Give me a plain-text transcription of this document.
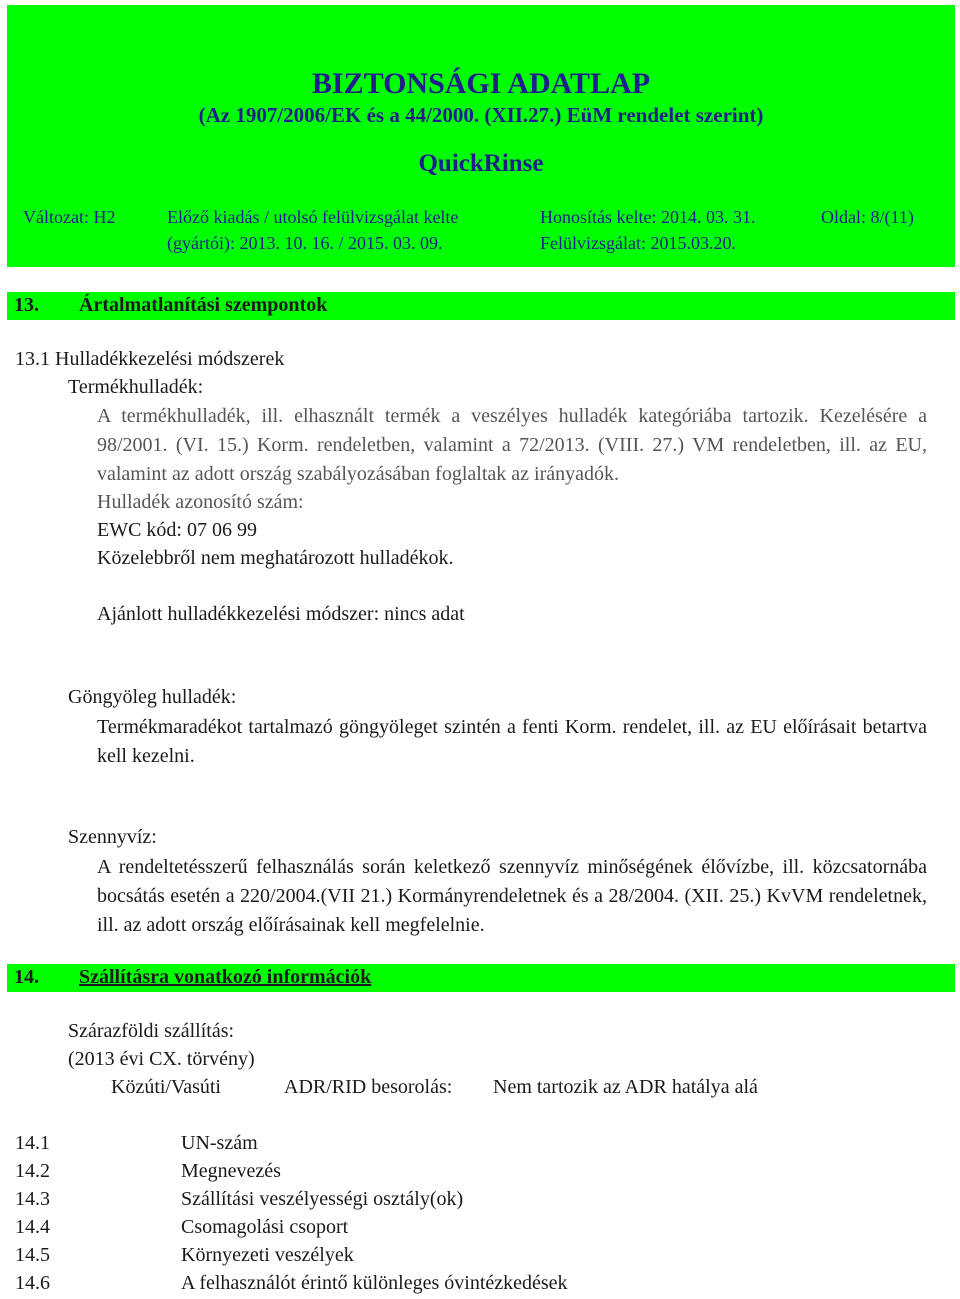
BIZTONSÁGI ADATLAP
(Az 1907/2006/EK és a 44/2000. (XII.27.) EüM rendelet szerint)
QuickRinse
Változat: H2	Előző kiadás / utolsó felülvizsgálat kelte
(gyártói): 2013. 10. 16. / 2015. 03. 09.
Honosítás kelte: 2014. 03. 31.
Felülvizsgálat: 2015.03.20.
Oldal: 8/(11)
13. Ártalmatlanítási szempontok
13.1 Hulladékkezelési módszerek
Termékhulladék:
A termékhulladék, ill. elhasznált termék a veszélyes hulladék kategóriába tartozik. Kezelésére a 98/2001. (VI. 15.) Korm. rendeletben, valamint a 72/2013. (VIII. 27.) VM rendeletben, ill. az EU, valamint az adott ország szabályozásában foglaltak az irányadók.
Hulladék azonosító szám:
EWC kód: 07 06 99
Közelebbről nem meghatározott hulladékok.
Ajánlott hulladékkezelési módszer: nincs adat
Göngyöleg hulladék:
Termékmaradékot tartalmazó göngyöleget szintén a fenti Korm. rendelet, ill. az EU előírásait betartva kell kezelni.
Szennyvíz:
A rendeltetésszerű felhasználás során keletkező szennyvíz minőségének élővízbe, ill. közcsatornába bocsátás esetén a 220/2004.(VII 21.) Kormányrendeletnek és a 28/2004. (XII. 25.) KvVM rendeletnek, ill. az adott ország előírásainak kell megfelelnie.
14. Szállításra vonatkozó információk
Szárazföldi szállítás:
(2013 évi CX. törvény)
Közúti/Vasúti	ADR/RID besorolás: Nem tartozik az ADR hatálya alá
14.1	UN-szám
14.2	Megnevezés
14.3	Szállítási veszélyességi osztály(ok)
14.4	Csomagolási csoport
14.5	Környezeti veszélyek
14.6	A felhasználót érintő különleges óvintézkedések
